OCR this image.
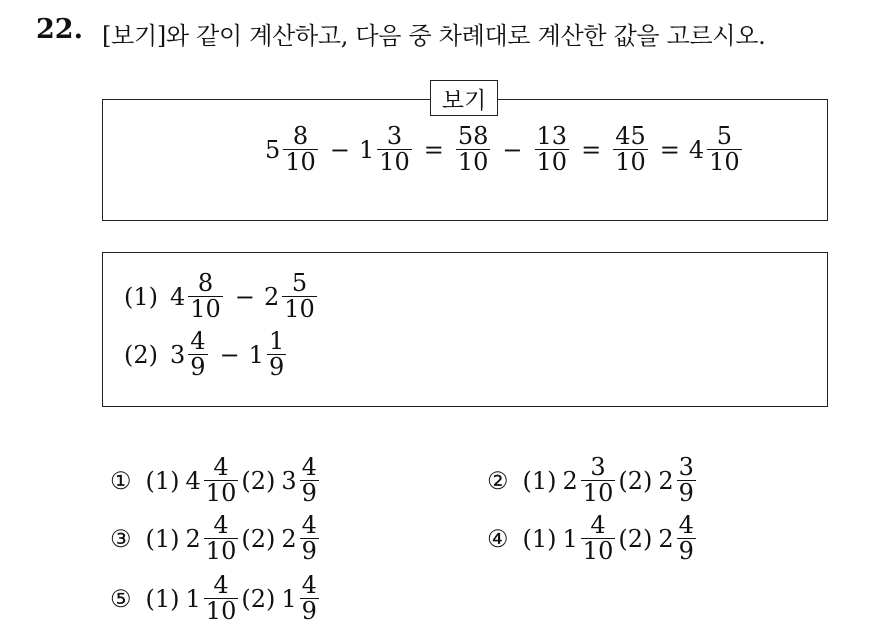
22. [보기]와 같이 계산하고, 다음 중 차례대로 계산한 값을 고르시오.
보기
$5 \frac{8}{10} - 1 \frac{3}{10} = \frac{58}{10} - \frac{13}{10} = \frac{45}{10} = 4 \frac{5}{10}$
(1) $4 \frac{8}{10} - 2 \frac{5}{10}$
(2) $3 \frac{4}{9} - 1 \frac{1}{9}$
① (1) $4 \frac{4}{10} (2)$ $3 \frac{4}{9}$	② (1) $2 \frac{3}{10} (2)$ $2 \frac{3}{9}$
③ (1) $2 \frac{4}{10} (2)$ $2 \frac{4}{9}$	④ (1) $1 \frac{4}{10} (2)$ $2 \frac{4}{9}$
⑤ (1) $1 \frac{4}{10} (2)$ $1 \frac{4}{9}$
